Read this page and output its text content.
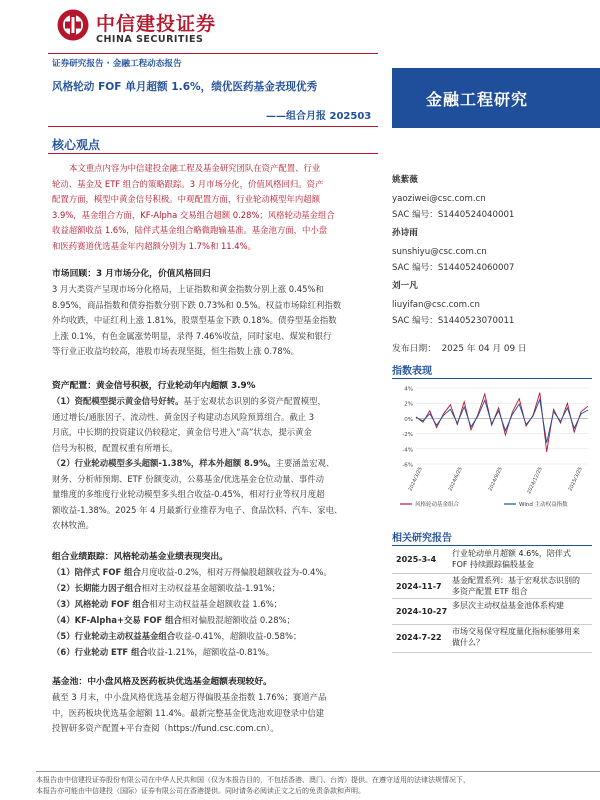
中信建投证券
CHINA SECURITIES
证券研究报告 · 金融工程动态报告
风格轮动 FOF 单月超额 1.6%，绩优医药基金表现优秀
——组合月报 202503
金融工程研究
核心观点
本文重点内容为中信建投金融工程及基金研究团队在资产配置、行业
轮动、基金及 ETF 组合的策略跟踪。3 月市场分化，价值风格回归。资产
配置方面，模型中黄金信号积极。中观配置方面，行业轮动模型年内超额
3.9%，基金组合方面，KF-Alpha 交易组合超额 0.28%；风格轮动基金组合
收益超额收益 1.6%，陆伴式基金组合略微跑输基准。基金池方面，中小盘
和医药赛道优选基金年内超额分别为 1.7%和 11.4%。
市场回顾：3 月市场分化，价值风格回归
3 月大类资产呈现市场分化格局，上证指数和黄金指数分别上涨 0.45%和
8.95%，商品指数和债券指数分别下跌 0.73%和 0.5%。权益市场除红利指数
外均收跌，中证红利上涨 1.81%，股票型基金下跌 0.18%。债券型基金指数
上涨 0.1%，有色金属涨势明显，录得 7.46%收益，同时家电、煤炭和银行
等行业正收益均较高，港股市场表现坚挺，恒生指数上涨 0.78%。
资产配置：黄金信号积极，行业轮动年内超额 3.9%
（1）资配模型提示黄金信号好转。基于宏观状态识别的多资产配置模型，
通过增长/通胀因子、流动性、黄金因子构建动态风险预算组合。截止 3
月底，中长期的投资建议仍较稳定，黄金信号进入“高”状态，提示黄金
信号为积极，配置权重有所增长。
（2）行业轮动模型多头超额-1.38%，样本外超额 8.9%。主要涵盖宏观、
财务、分析师预期、ETF 份额变动，公募基金/优选基金仓位动量、事件动
量维度的多维度行业轮动模型多头组合收益-0.45%，相对行业等权月度超
额收益-1.38%。2025 年 4 月最新行业推荐为电子、食品饮料、汽车、家电、
农林牧渔。
组合业绩跟踪：风格轮动基金业绩表现突出。
（1）陪伴式 FOF 组合月度收益-0.2%，相对万得偏股超额收益为-0.4%。
（2）长期能力因子组合相对主动权益基金超额收益-1.91%；
（3）风格轮动 FOF 组合相对主动权益基金超额收益 1.6%；
（4）KF-Alpha+交易 FOF 组合相对偏股混超额收益 0.28%；
（5）行业轮动主动权益基金组合收益-0.41%，超额收益-0.58%；
（6）行业轮动 ETF 组合收益-1.21%，超额收益-0.81%。
基金池：中小盘风格及医药板块优选基金超额表现较好。
截至 3 月末，中小盘风格优选基金超万得偏股基金指数 1.76%；赛道产品
中，医药板块优选基金超额 11.4%。最新完整基金优选池欢迎登录中信建
投智研多资产配置+平台查阅（https://fund.csc.com.cn）。
姚紫薇
yaoziwei@csc.com.cn
SAC 编号：S1440524040001
孙诗雨
sunshiyu@csc.com.cn
SAC 编号：S1440524060007
刘一凡
liuyifan@csc.com.cn
SAC 编号：S1440523070011
发布日期：  2025 年 04 月 09 日
指数表现
4%
2%
0%
-2%
-4%
-6%
2024/3/25	2024/6/25	2024/9/25	2024/12/25	2025/3/25
风格轮动基金组合	Wind 主动权益指数
相关研究报告
2025-3-4
行业轮动单月超额 4.6%，陪伴式 FOF 持续跟踪偏股基金
2024-11-7
基金配置系列：基于宏观状态识别的多资产配置 ETF 组合
2024-10-27
多层次主动权益基金池体系构建
2024-7-22
市场交易保守程度量化指标能够用来做什么？
本报告由中信建投证券股份有限公司在中华人民共和国（仅为本报告目的，不包括香港、澳门、台湾）提供。在遵守适用的法律法规情况下，
本报告亦可能由中信建投（国际）证券有限公司在香港提供。同时请务必阅读正文之后的免责条款和声明。
